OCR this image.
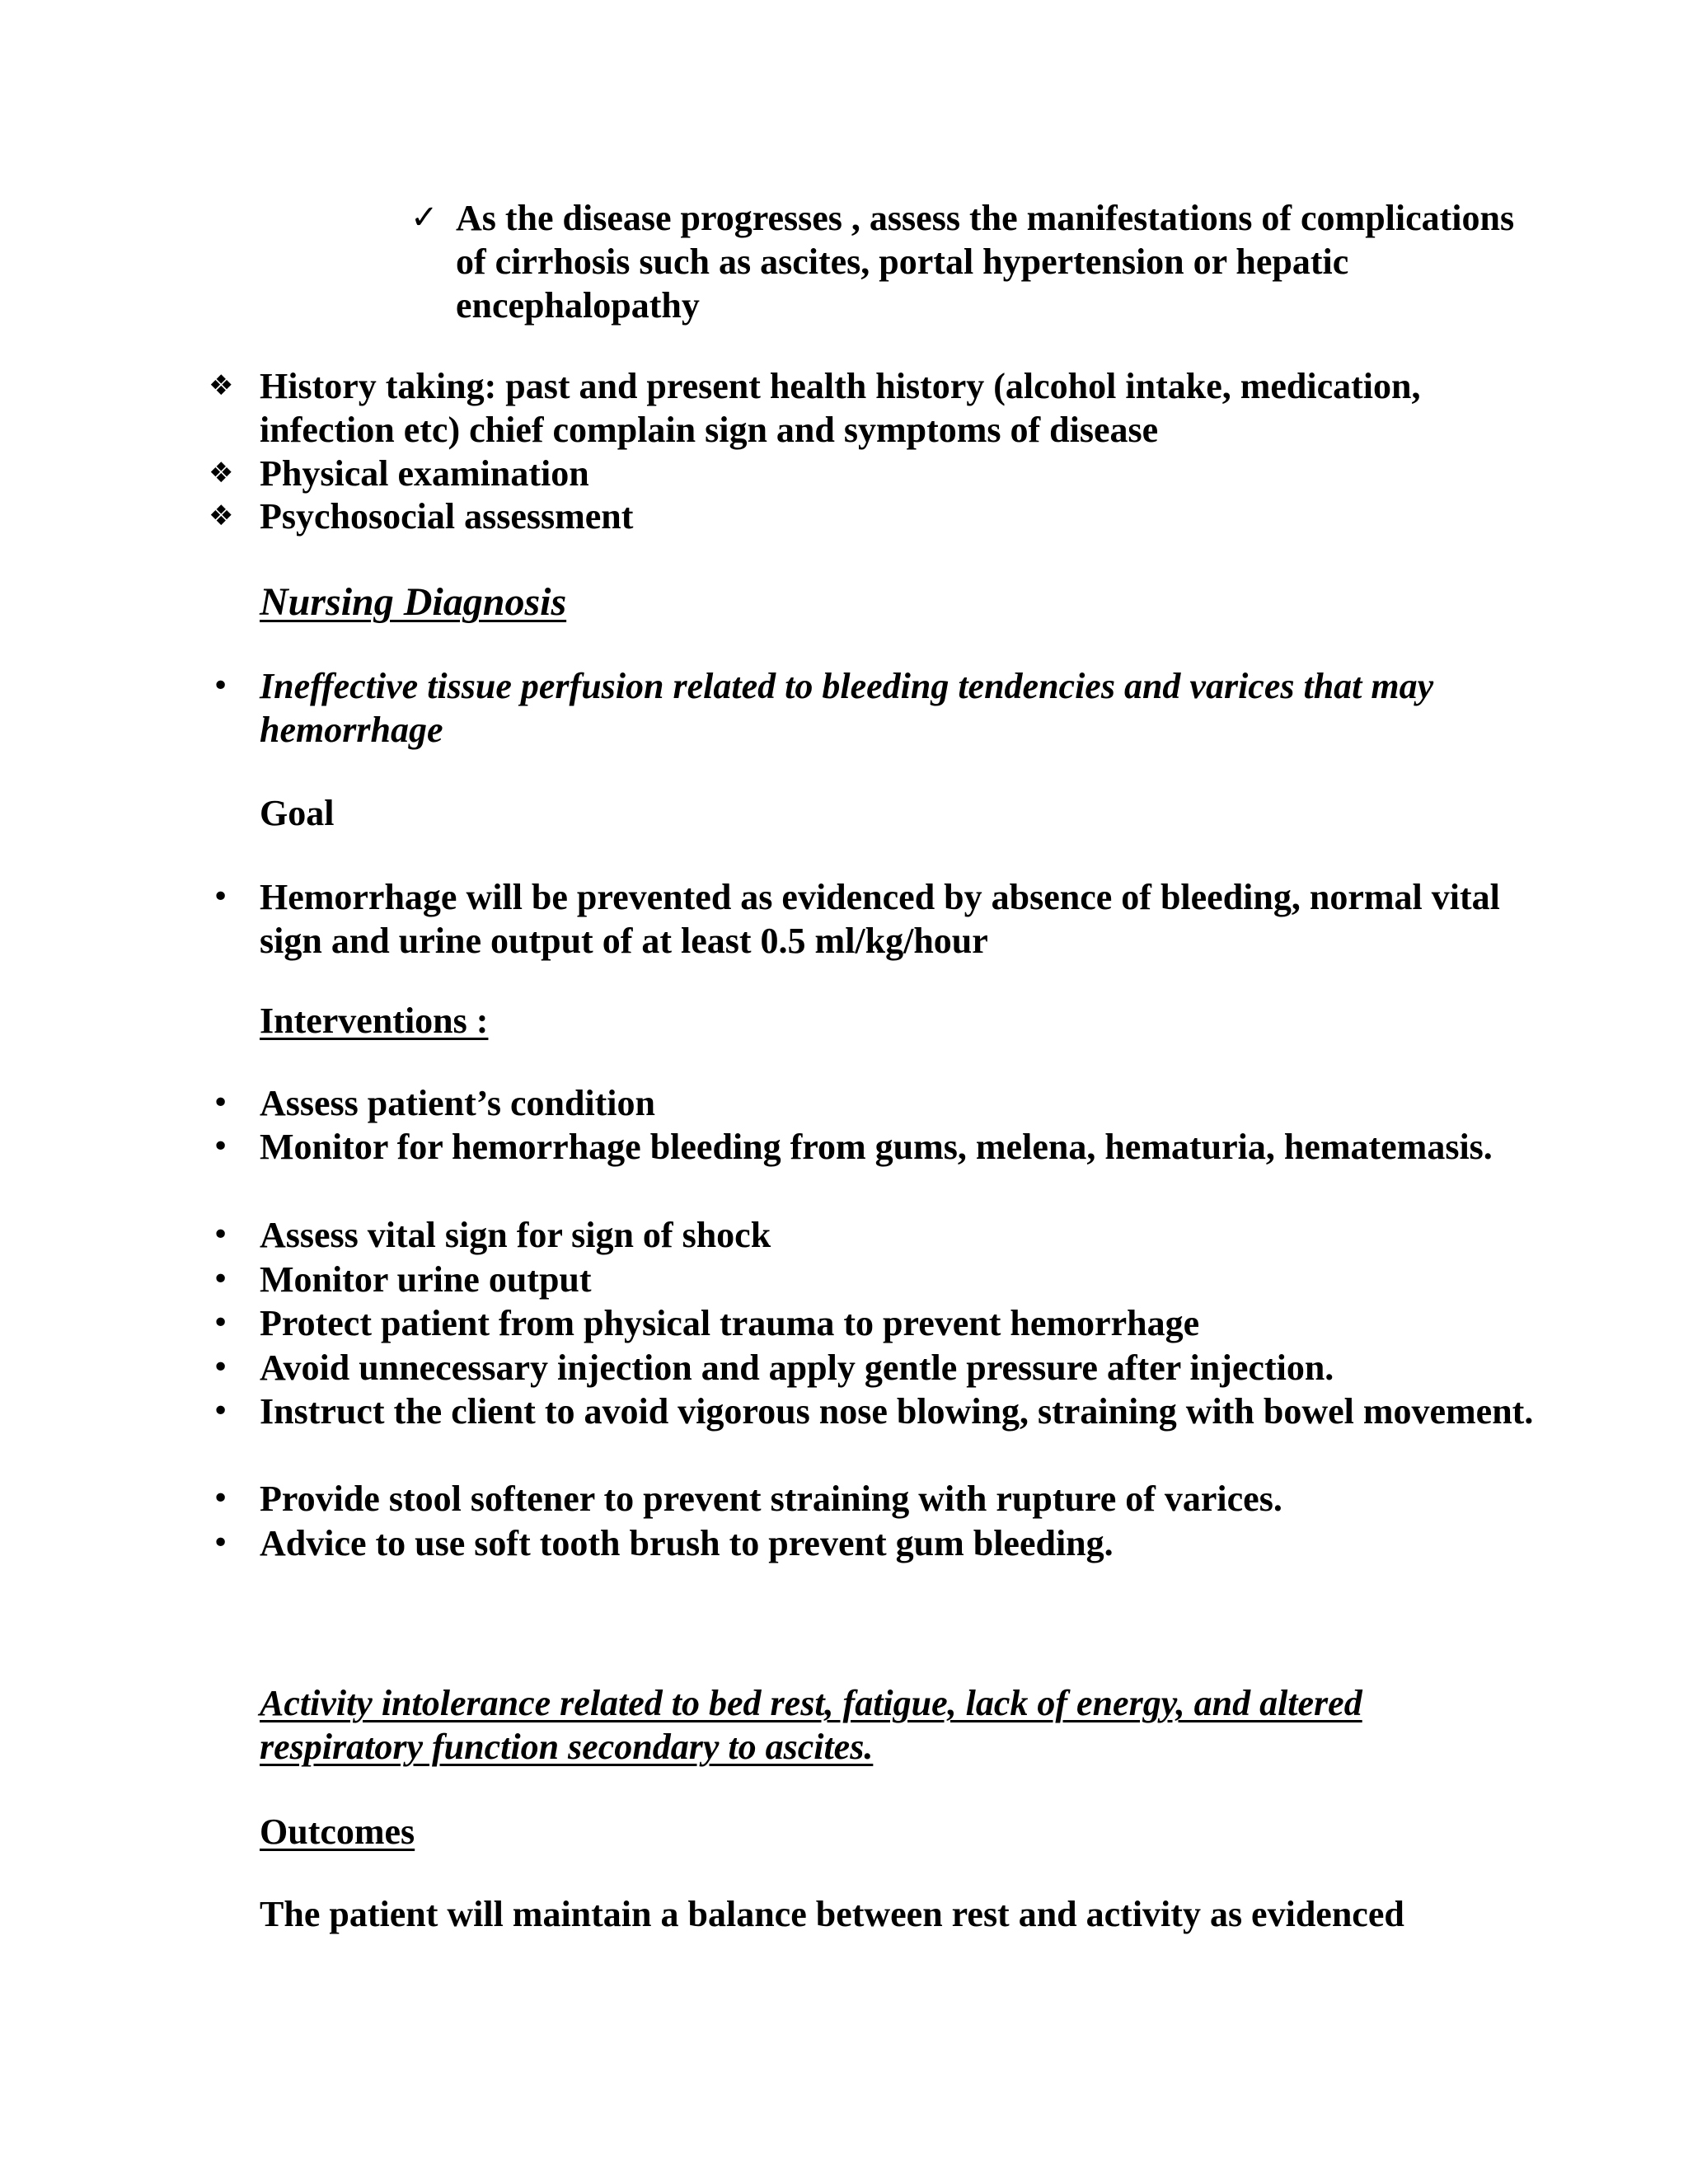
✓ As the disease progresses , assess the manifestations of complications of cirrhosis such as ascites, portal hypertension or hepatic encephalopathy
❖ History taking: past and present health history (alcohol intake, medication, infection etc) chief complain sign and symptoms of disease
❖ Physical examination
❖ Psychosocial assessment
Nursing Diagnosis
• Ineffective tissue perfusion related to bleeding tendencies and varices that may hemorrhage
Goal
• Hemorrhage will be prevented as evidenced by absence of bleeding, normal vital sign and urine output of at least 0.5 ml/kg/hour
Interventions :
• Assess patient’s condition
• Monitor for hemorrhage bleeding from gums, melena, hematuria, hematemasis.
• Assess vital sign for sign of shock
• Monitor urine output
• Protect patient from physical trauma to prevent hemorrhage
• Avoid unnecessary injection and apply gentle pressure after injection.
• Instruct the client to avoid vigorous nose blowing, straining with bowel movement.
• Provide stool softener to prevent straining with rupture of varices.
• Advice to use soft tooth brush to prevent gum bleeding.
Activity intolerance related to bed rest, fatigue, lack of energy, and altered respiratory function secondary to ascites.
Outcomes
The patient will maintain a balance between rest and activity as evidenced
